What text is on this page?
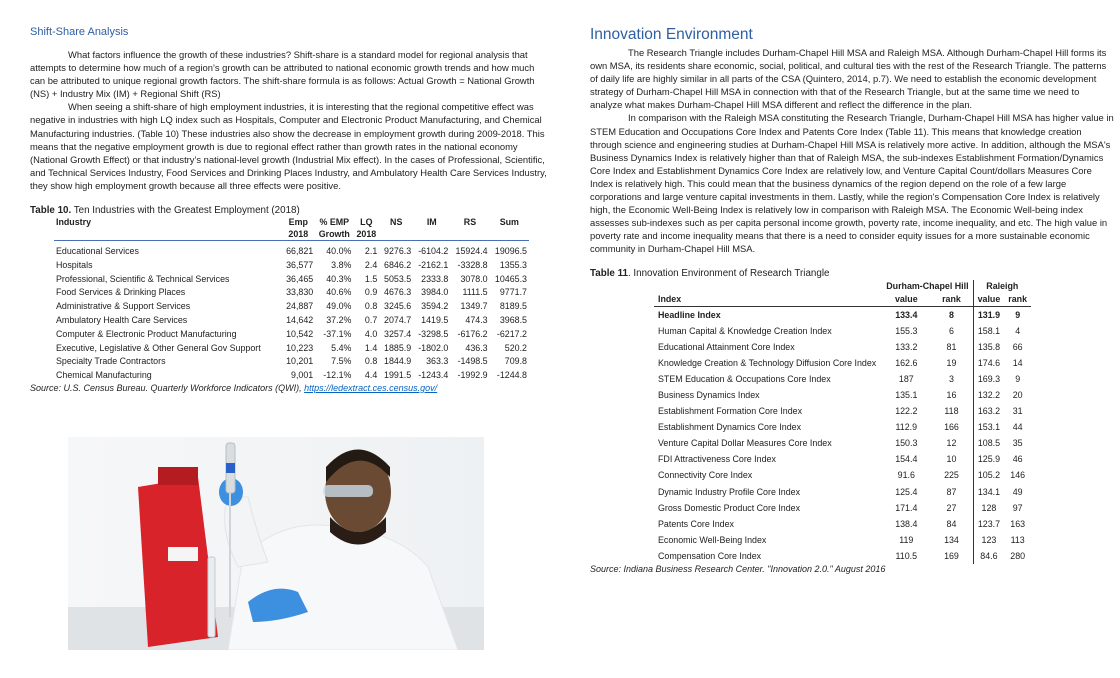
Shift-Share Analysis

What factors influence the growth of these industries? Shift-share is a standard model for regional analysis that attempts to determine how much of a region’s growth can be attributed to national economic growth trends and how much can be attributed to unique regional growth factors. The shift-share formula is as follows: Actual Growth = National Growth (NS) + Industry Mix (IM) + Regional Shift (RS)

When seeing a shift-share of high employment industries, it is interesting that the regional competitive effect was negative in industries with high LQ index such as Hospitals, Computer and Electronic Product Manufacturing, and Chemical Manufacturing industries. (Table 10) These industries also show the decrease in employment growth during 2009-2018. This means that the negative employment growth is due to regional effect rather than growth rates in the national economy (National Growth Effect) or that industry’s national-level growth (Industrial Mix effect). In the cases of Professional, Scientific, and Technical Services Industry, Food Services and Drinking Places Industry, and Ambulatory Health Care Services Industry, they show high employment growth because all three effects were positive.

Table 10. Ten Industries with the Greatest Employment (2018)
Industry	Emp	% EMP	LQ	NS	IM	RS	Sum
	2018	Growth	2018				
Educational Services	66,821	40.0%	2.1	9276.3	-6104.2	15924.4	19096.5
Hospitals	36,577	3.8%	2.4	6846.2	-2162.1	-3328.8	1355.3
Professional, Scientific & Technical Services	36,465	40.3%	1.5	5053.5	2333.8	3078.0	10465.3
Food Services & Drinking Places	33,830	40.6%	0.9	4676.3	3984.0	1111.5	9771.7
Administrative & Support Services	24,887	49.0%	0.8	3245.6	3594.2	1349.7	8189.5
Ambulatory Health Care Services	14,642	37.2%	0.7	2074.7	1419.5	474.3	3968.5
Computer & Electronic Product Manufacturing	10,542	-37.1%	4.0	3257.4	-3298.5	-6176.2	-6217.2
Executive, Legislative & Other General Gov Support	10,223	5.4%	1.4	1885.9	-1802.0	436.3	520.2
Specialty Trade Contractors	10,201	7.5%	0.8	1844.9	363.3	-1498.5	709.8
Chemical Manufacturing	9,001	-12.1%	4.4	1991.5	-1243.4	-1992.9	-1244.8
Source: U.S. Census Bureau. Quarterly Workforce Indicators (QWI), https://ledextract.ces.census.gov/
Innovation Environment

The Research Triangle includes Durham-Chapel Hill MSA and Raleigh MSA. Although Durham-Chapel Hill forms its own MSA, its residents share economic, social, political, and cultural ties with the rest of the Research Triangle. The patterns of daily life are highly similar in all parts of the CSA (Quintero, 2014, p.7). We need to establish the economic development strategy of Durham-Chapel Hill MSA in connection with that of the Research Triangle, but at the same time we need to analyze what makes Durham-Chapel Hill MSA different and reflect the difference in the plan.

In comparison with the Raleigh MSA constituting the Research Triangle, Durham-Chapel Hill MSA has higher value in STEM Education and Occupations Core Index and Patents Core Index (Table 11). This means that knowledge creation through science and engineering studies at Durham-Chapel Hill MSA is relatively more active. In addition, although the MSA's Business Dynamics Index is relatively higher than that of Raleigh MSA, the sub-indexes Establishment Formation/Dynamics Core Index and Establishment Dynamics Core Index are relatively low, and Venture Capital Count/dollars Measures Core Index is relatively high. This could mean that the business dynamics of the region depend on the role of a few large corporations and large venture capital investments in them. Lastly, while the region's Compensation Core Index is relatively high, the Economic Well-Being Index is relatively low in comparison with Raleigh MSA. The Economic Well-being index assesses sub-indexes such as per capita personal income growth, poverty rate, income inequality, and etc. The high value in poverty rate and income inequality means that there is a need to consider equity issues for a more sustainable economic community in Durham-Chapel Hill MSA.

Table 11. Innovation Environment of Research Triangle
	Durham-Chapel Hill		Raleigh	
Index	value	rank	value	rank
Headline Index	133.4	8	131.9	9
Human Capital & Knowledge Creation Index	155.3	6	158.1	4
Educational Attainment Core Index	133.2	81	135.8	66
Knowledge Creation & Technology Diffusion Core Index	162.6	19	174.6	14
STEM Education & Occupations Core Index	187	3	169.3	9
Business Dynamics Index	135.1	16	132.2	20
Establishment Formation Core Index	122.2	118	163.2	31
Establishment Dynamics Core Index	112.9	166	153.1	44
Venture Capital Dollar Measures Core Index	150.3	12	108.5	35
FDI Attractiveness Core Index	154.4	10	125.9	46
Connectivity Core Index	91.6	225	105.2	146
Dynamic Industry Profile Core Index	125.4	87	134.1	49
Gross Domestic Product Core Index	171.4	27	128	97
Patents Core Index	138.4	84	123.7	163
Economic Well-Being Index	119	134	123	113
Compensation Core Index	110.5	169	84.6	280
Source: Indiana Business Research Center. "Innovation 2.0." August 2016
